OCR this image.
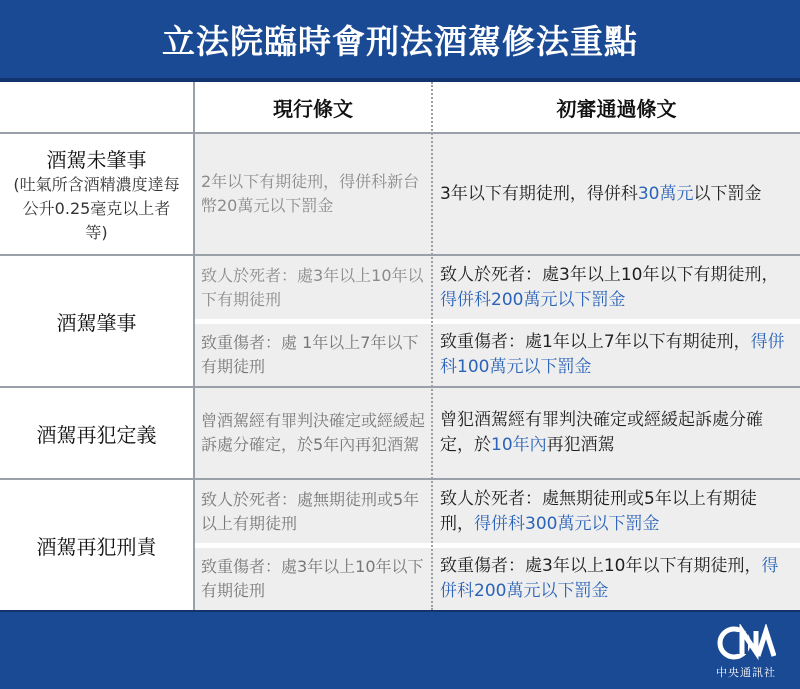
立法院臨時會刑法酒駕修法重點
現行條文	初審通過條文
酒駕未肇事
(吐氣所含酒精濃度達每公升0.25毫克以上者等)
2年以下有期徒刑，得併科新台幣20萬元以下罰金
3年以下有期徒刑，得併科30萬元以下罰金
酒駕肇事
致人於死者：處3年以上10年以下有期徒刑
致人於死者：處3年以上10年以下有期徒刑，得併科200萬元以下罰金
致重傷者：處 1年以上7年以下有期徒刑
致重傷者：處1年以上7年以下有期徒刑，得併科100萬元以下罰金
酒駕再犯定義
曾酒駕經有罪判決確定或經緩起訴處分確定，於5年內再犯酒駕
曾犯酒駕經有罪判決確定或經緩起訴處分確定，於10年內再犯酒駕
酒駕再犯刑責
致人於死者：處無期徒刑或5年以上有期徒刑
致人於死者：處無期徒刑或5年以上有期徒刑，得併科300萬元以下罰金
致重傷者：處3年以上10年以下有期徒刑
致重傷者：處3年以上10年以下有期徒刑，得併科200萬元以下罰金
中央通訊社
